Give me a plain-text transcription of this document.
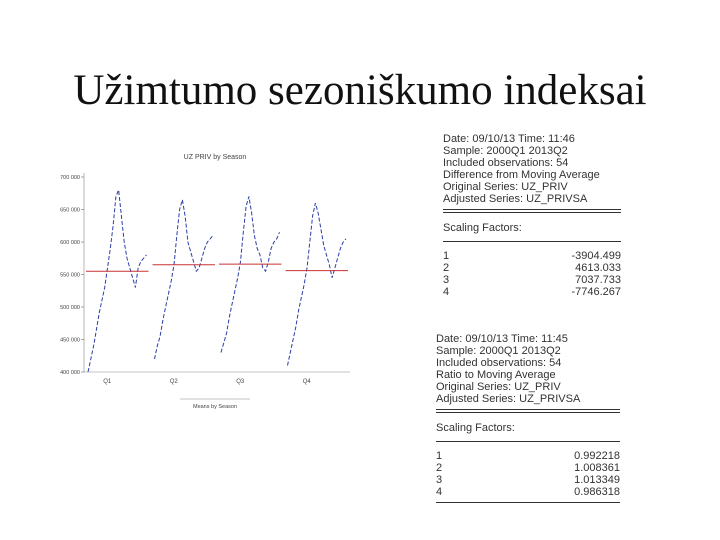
Užimtumo sezoniškumo indeksai
UZ PRIV by Season
400 000
450 000
500 000
550 000
600 000
650 000
700 000
Q1	Q2	Q3	Q4
Means by Season
Date: 09/10/13 Time: 11:46
Sample: 2000Q1 2013Q2
Included observations: 54
Difference from Moving Average
Original Series: UZ_PRIV
Adjusted Series: UZ_PRIVSA
Scaling Factors:
1	-3904.499
2	4613.033
3	7037.733
4	-7746.267
Date: 09/10/13 Time: 11:45
Sample: 2000Q1 2013Q2
Included observations: 54
Ratio to Moving Average
Original Series: UZ_PRIV
Adjusted Series: UZ_PRIVSA
Scaling Factors:
1	0.992218
2	1.008361
3	1.013349
4	0.986318
